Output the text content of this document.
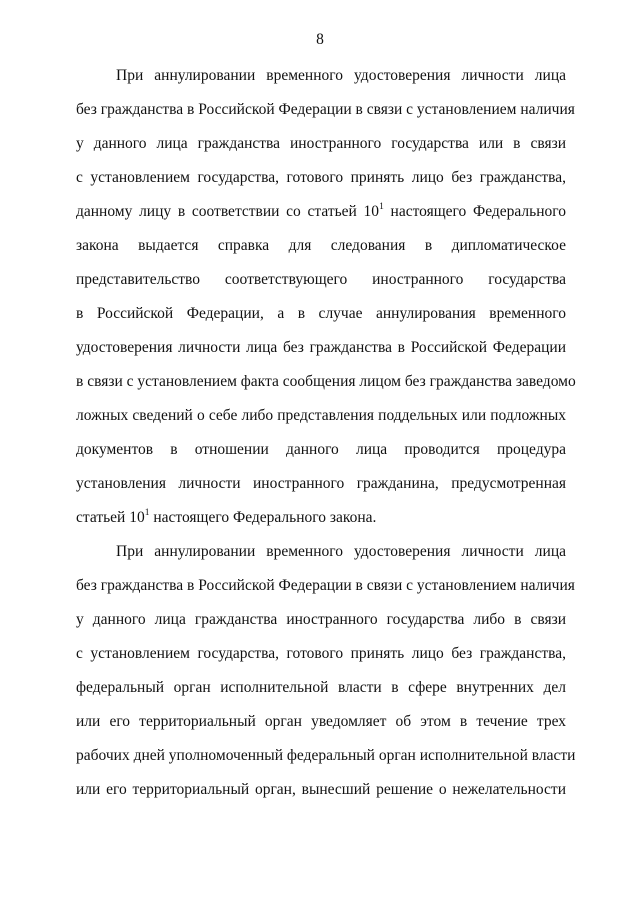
8
При аннулировании временного удостоверения личности лица
без гражданства в Российской Федерации в связи с установлением наличия
у данного лица гражданства иностранного государства или в связи
с установлением государства, готового принять лицо без гражданства,
данному лицу в соответствии со статьей $10^1$ настоящего Федерального
закона выдается справка для следования в дипломатическое
представительство соответствующего иностранного государства
в Российской Федерации, а в случае аннулирования временного
удостоверения личности лица без гражданства в Российской Федерации
в связи с установлением факта сообщения лицом без гражданства заведомо
ложных сведений о себе либо представления поддельных или подложных
документов в отношении данного лица проводится процедура
установления личности иностранного гражданина, предусмотренная
статьей $10^1$ настоящего Федерального закона.
При аннулировании временного удостоверения личности лица
без гражданства в Российской Федерации в связи с установлением наличия
у данного лица гражданства иностранного государства либо в связи
с установлением государства, готового принять лицо без гражданства,
федеральный орган исполнительной власти в сфере внутренних дел
или его территориальный орган уведомляет об этом в течение трех
рабочих дней уполномоченный федеральный орган исполнительной власти
или его территориальный орган, вынесший решение о нежелательности
